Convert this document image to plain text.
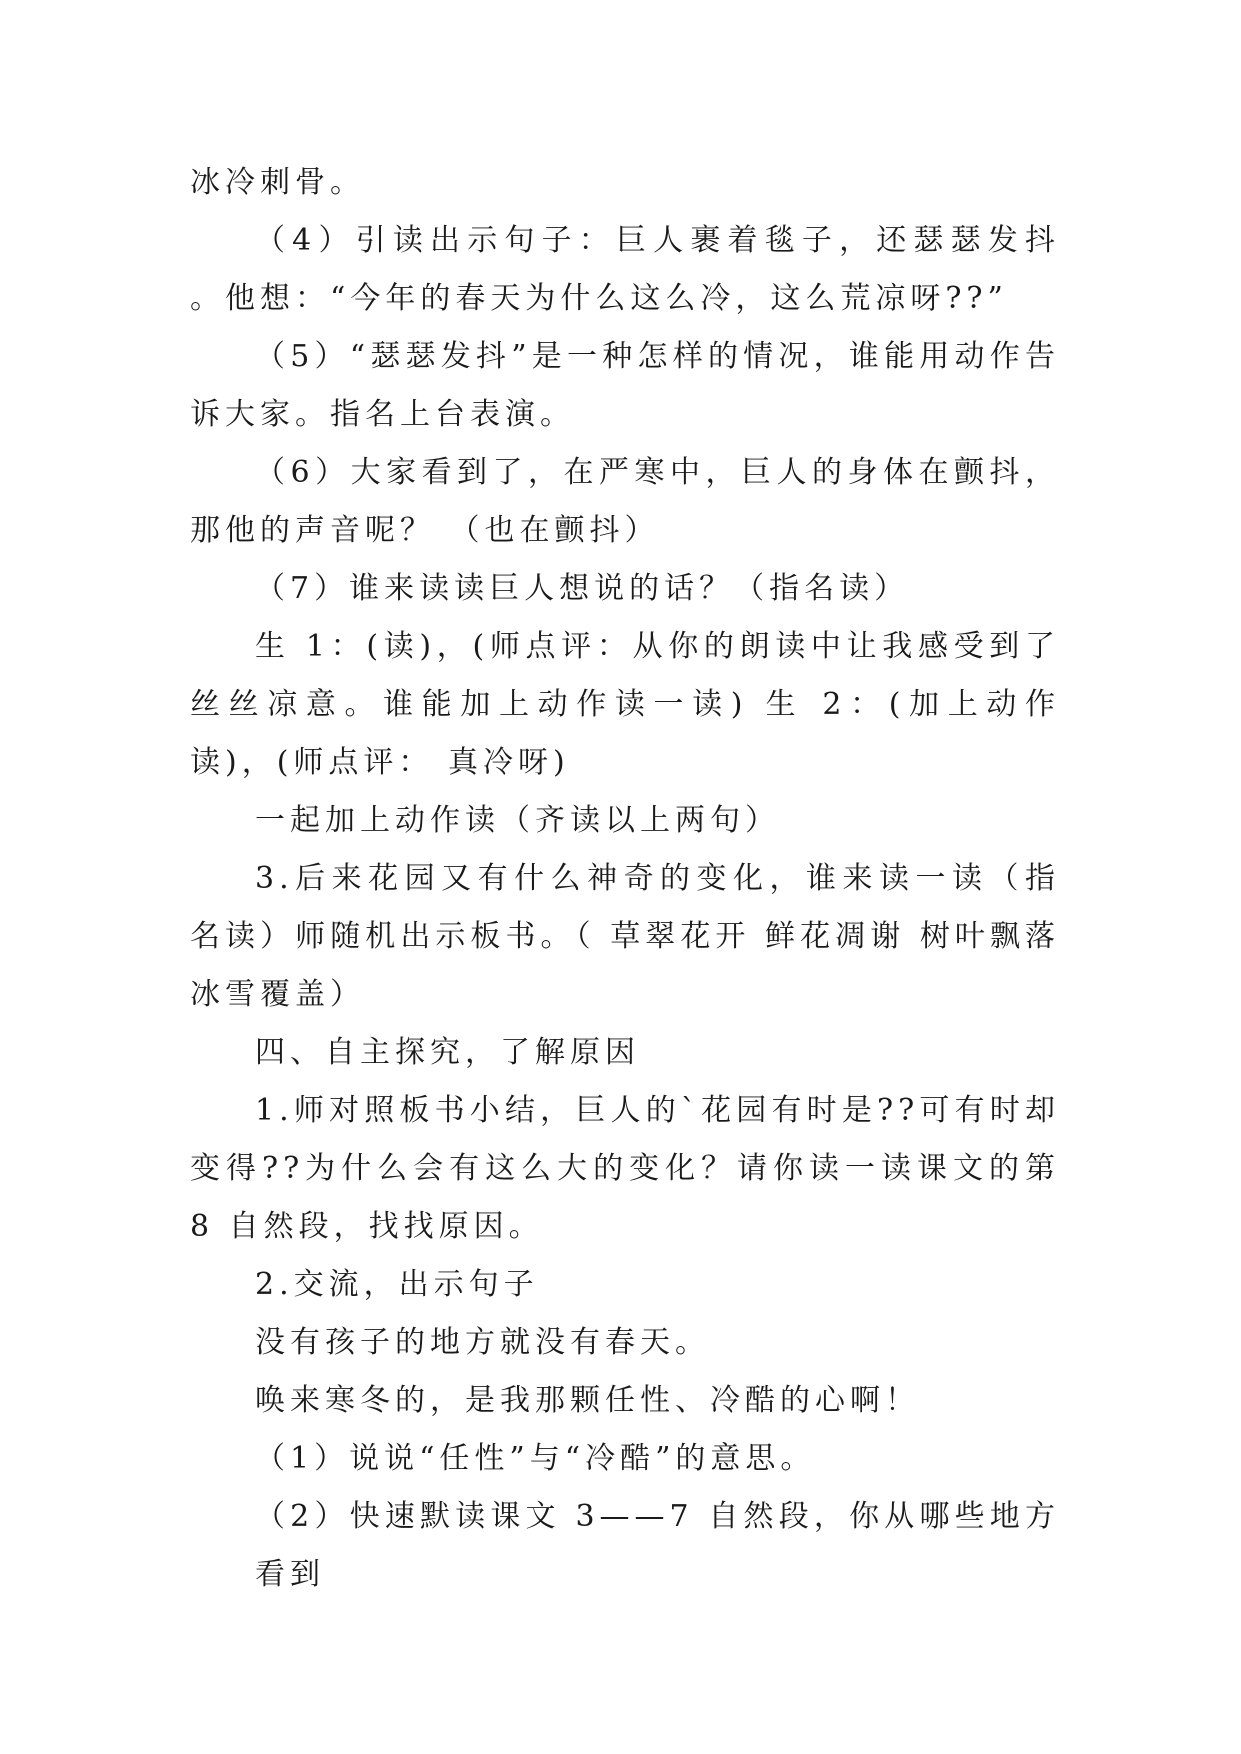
冰冷刺骨。

（4）引读出示句子：巨人裹着毯子，还瑟瑟发抖 。他想：“今年的春天为什么这么冷，这么荒凉呀??”

（5）“瑟瑟发抖”是一种怎样的情况，谁能用动作告诉大家。指名上台表演。

（6）大家看到了，在严寒中，巨人的身体在颤抖，那他的声音呢？ （也在颤抖）

（7）谁来读读巨人想说的话？（指名读）

生 1：(读)，(师点评：从你的朗读中让我感受到了丝丝凉意。谁能加上动作读一读) 生 2：(加上动作读)，(师点评： 真冷呀)

一起加上动作读（齐读以上两句）

3.后来花园又有什么神奇的变化，谁来读一读（指名读）师随机出示板书。（ 草翠花开 鲜花凋谢 树叶飘落 冰雪覆盖）

四、自主探究，了解原因

1.师对照板书小结，巨人的`花园有时是??可有时却变得??为什么会有这么大的变化？请你读一读课文的第 8 自然段，找找原因。

2.交流，出示句子

没有孩子的地方就没有春天。

唤来寒冬的，是我那颗任性、冷酷的心啊！

（1）说说“任性”与“冷酷”的意思。

（2）快速默读课文 3——7 自然段，你从哪些地方看到
